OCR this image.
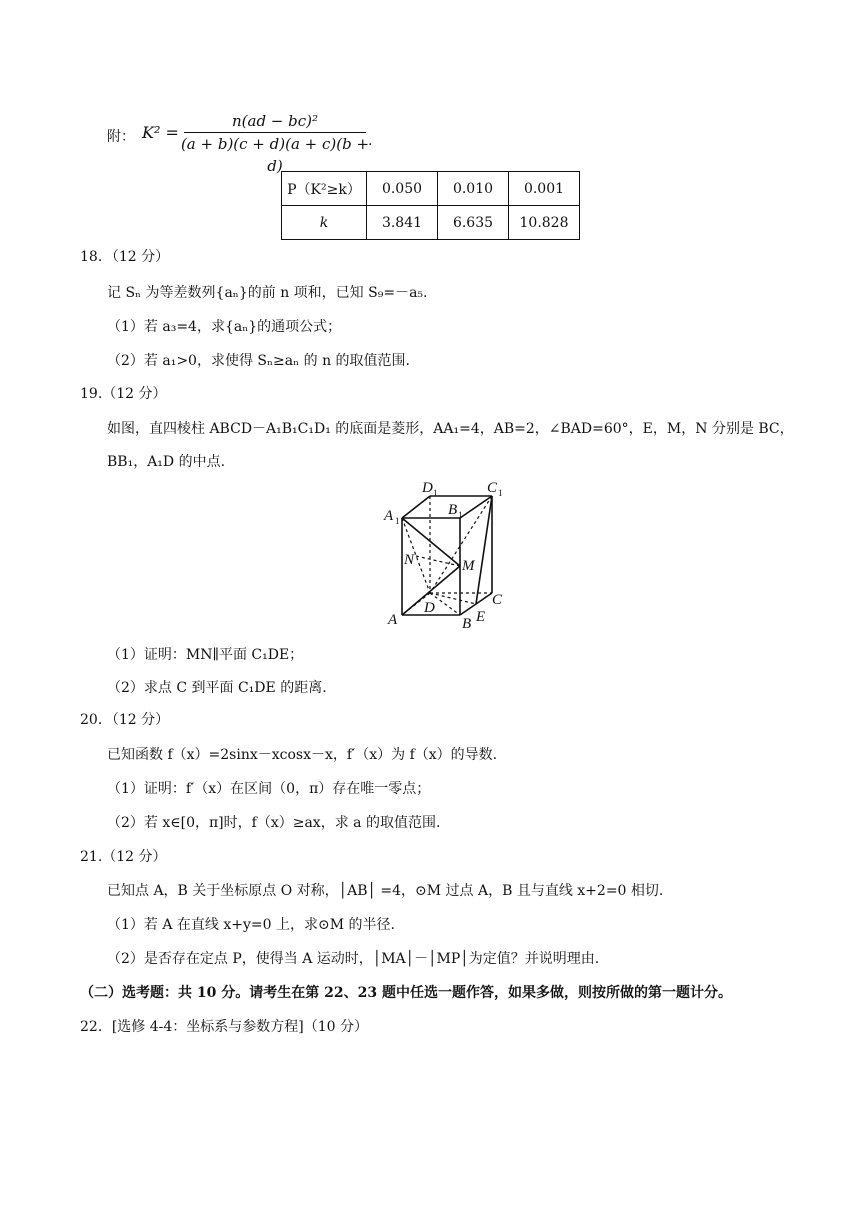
附： K² =
n(ad − bc)²
(a + b)(c + d)(a + c)(b + d)
.
P（K²≥k）	0.050	0.010	0.001
k	3.841	6.635	10.828
18．（12 分）
记 Sₙ 为等差数列{aₙ}的前 n 项和，已知 S₉=－a₅.
（1）若 a₃=4，求{aₙ}的通项公式；
（2）若 a₁>0，求使得 Sₙ≥aₙ 的 n 的取值范围.
19.（12 分）
如图，直四棱柱 ABCD－A₁B₁C₁D₁ 的底面是菱形，AA₁=4，AB=2，∠BAD=60°，E，M，N 分别是 BC，
BB₁，A₁D 的中点.
D 1
B 1
C 1
A 1
N	M
D	C
A	B E
（1）证明：MN∥平面 C₁DE；
（2）求点 C 到平面 C₁DE 的距离.
20．（12 分）
已知函数 f（x）=2sinx－xcosx－x，f′（x）为 f（x）的导数.
（1）证明：f′（x）在区间（0，π）存在唯一零点；
（2）若 x∈[0，π]时，f（x）≥ax，求 a 的取值范围.
21.（12 分）
已知点 A，B 关于坐标原点 O 对称，│AB│ =4，⊙M 过点 A，B 且与直线 x+2=0 相切.
（1）若 A 在直线 x+y=0 上，求⊙M 的半径.
（2）是否存在定点 P，使得当 A 运动时，│MA│－│MP│为定值？并说明理由.
（二）选考题：共 10 分。请考生在第 22、23 题中任选一题作答，如果多做，则按所做的第一题计分。
22．[选修 4-4：坐标系与参数方程]（10 分）
